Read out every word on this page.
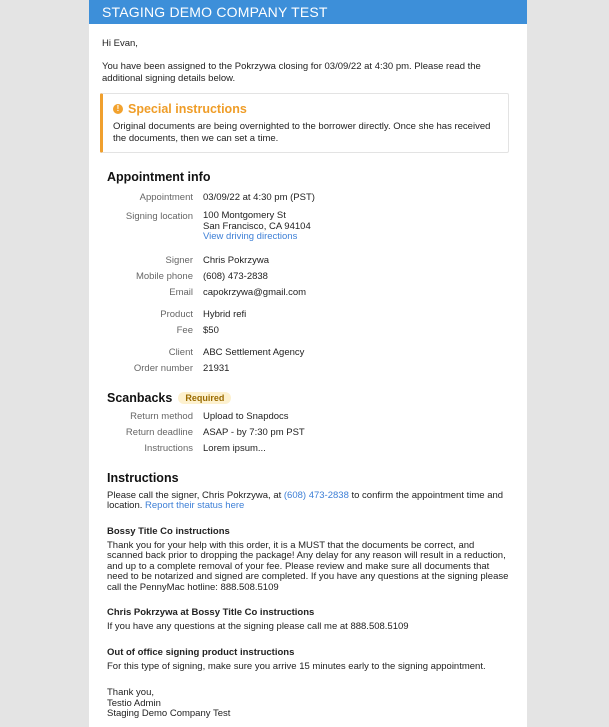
STAGING DEMO COMPANY TEST
Hi Evan,
You have been assigned to the Pokrzywa closing for 03/09/22 at 4:30 pm. Please read the additional signing details below.
! Special instructions
Original documents are being overnighted to the borrower directly. Once she has received the documents, then we can set a time.
Appointment info
Appointment	03/09/22 at 4:30 pm (PST)
Signing location	100 Montgomery St
San Francisco, CA 94104
View driving directions
Signer	Chris Pokrzywa
Mobile phone	(608) 473-2838
Email	capokrzywa@gmail.com
Product	Hybrid refi
Fee	$50
Client	ABC Settlement Agency
Order number	21931
Scanbacks Required
Return method	Upload to Snapdocs
Return deadline	ASAP - by 7:30 pm PST
Instructions	Lorem ipsum...
Instructions
Please call the signer, Chris Pokrzywa, at (608) 473-2838 to confirm the appointment time and location. Report their status here
Bossy Title Co instructions
Thank you for your help with this order, it is a MUST that the documents be correct, and scanned back prior to dropping the package! Any delay for any reason will result in a reduction, and up to a complete removal of your fee. Please review and make sure all documents that need to be notarized and signed are completed. If you have any questions at the signing please call the PennyMac hotline: 888.508.5109
Chris Pokrzywa at Bossy Title Co instructions
If you have any questions at the signing please call me at 888.508.5109
Out of office signing product instructions
For this type of signing, make sure you arrive 15 minutes early to the signing appointment.
Thank you,
Testio Admin
Staging Demo Company Test
